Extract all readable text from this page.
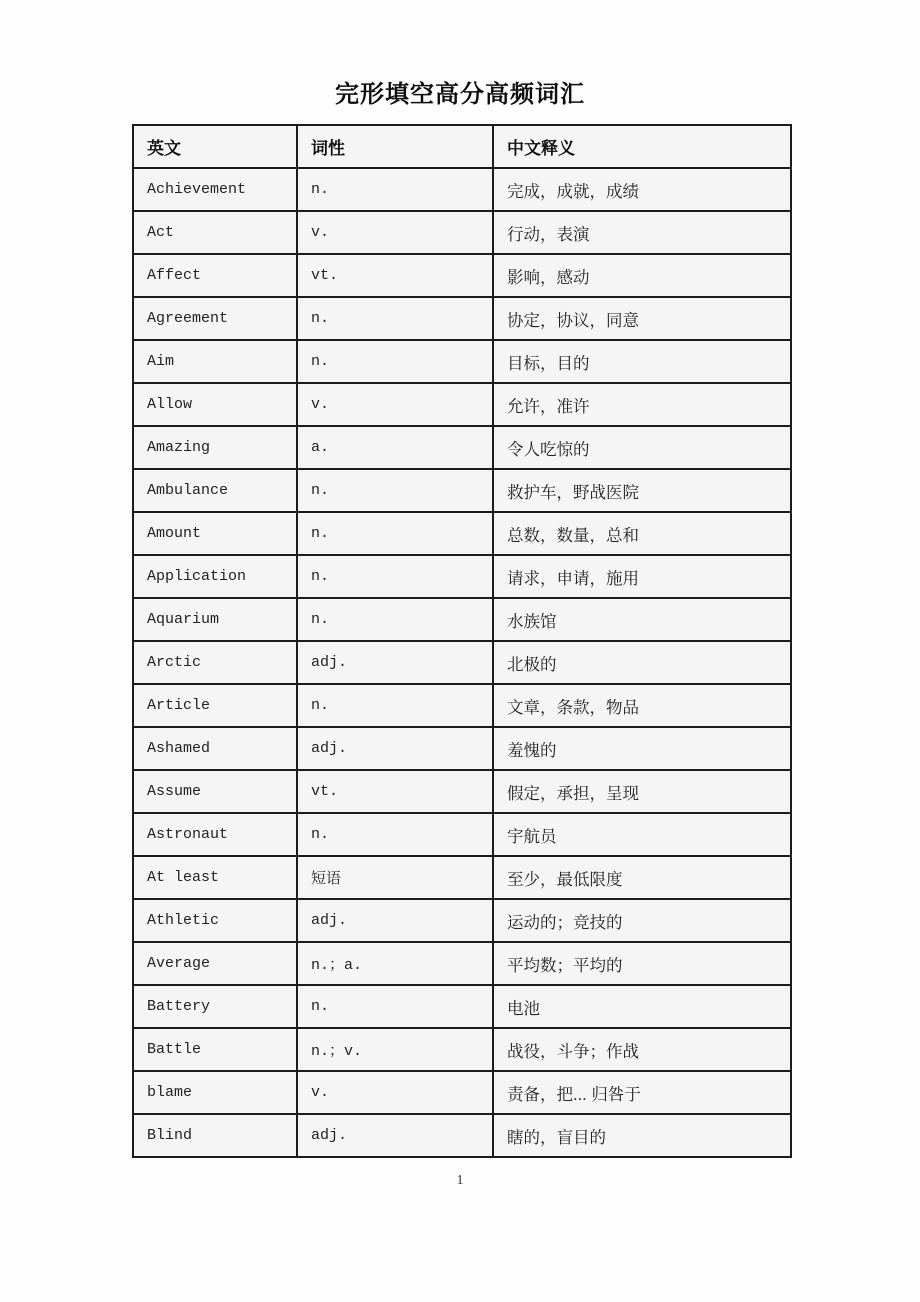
完形填空高分高频词汇
英文	词性	中文释义
Achievement	n.	完成，成就，成绩
Act	v.	行动，表演
Affect	vt.	影响，感动
Agreement	n.	协定，协议，同意
Aim	n.	目标，目的
Allow	v.	允许，准许
Amazing	a.	令人吃惊的
Ambulance	n.	救护车，野战医院
Amount	n.	总数，数量，总和
Application	n.	请求，申请，施用
Aquarium	n.	水族馆
Arctic	adj.	北极的
Article	n.	文章，条款，物品
Ashamed	adj.	羞愧的
Assume	vt.	假定，承担，呈现
Astronaut	n.	宇航员
At least	短语	至少，最低限度
Athletic	adj.	运动的；竞技的
Average	n.；a.	平均数；平均的
Battery	n.	电池
Battle	n.；v.	战役，斗争；作战
blame	v.	责备，把... 归咎于
Blind	adj.	瞎的，盲目的
1
